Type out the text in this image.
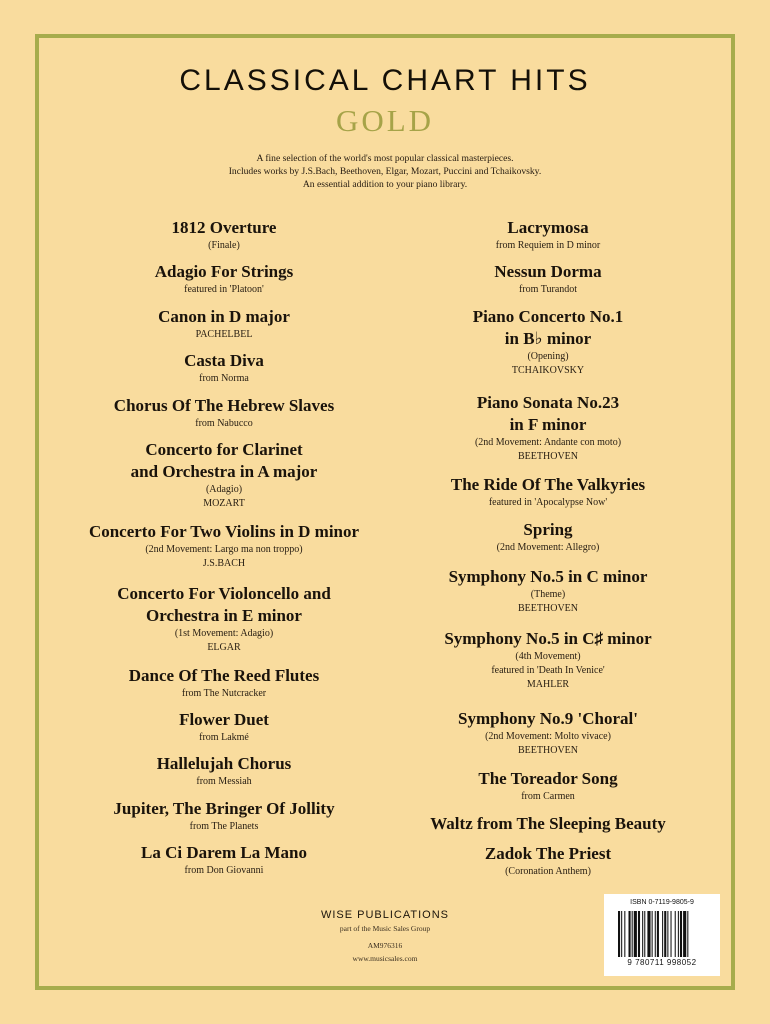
CLASSICAL CHART HITS
GOLD
A fine selection of the world's most popular classical masterpieces.
Includes works by J.S.Bach, Beethoven, Elgar, Mozart, Puccini and Tchaikovsky.
An essential addition to your piano library.
1812 Overture
(Finale)
Adagio For Strings
featured in 'Platoon'
Canon in D major
PACHELBEL
Casta Diva
from Norma
Chorus Of The Hebrew Slaves
from Nabucco
Concerto for Clarinet
and Orchestra in A major
(Adagio)
MOZART
Concerto For Two Violins in D minor
(2nd Movement: Largo ma non troppo)
J.S.BACH
Concerto For Violoncello and
Orchestra in E minor
(1st Movement: Adagio)
ELGAR
Dance Of The Reed Flutes
from The Nutcracker
Flower Duet
from Lakmé
Hallelujah Chorus
from Messiah
Jupiter, The Bringer Of Jollity
from The Planets
La Ci Darem La Mano
from Don Giovanni
Lacrymosa
from Requiem in D minor
Nessun Dorma
from Turandot
Piano Concerto No.1
in B♭ minor
(Opening)
TCHAIKOVSKY
Piano Sonata No.23
in F minor
(2nd Movement: Andante con moto)
BEETHOVEN
The Ride Of The Valkyries
featured in 'Apocalypse Now'
Spring
(2nd Movement: Allegro)
Symphony No.5 in C minor
(Theme)
BEETHOVEN
Symphony No.5 in C♯ minor
(4th Movement)
featured in 'Death In Venice'
MAHLER
Symphony No.9 'Choral'
(2nd Movement: Molto vivace)
BEETHOVEN
The Toreador Song
from Carmen
Waltz from The Sleeping Beauty
Zadok The Priest
(Coronation Anthem)
WISE PUBLICATIONS
part of the Music Sales Group
AM976316
www.musicsales.com
ISBN 0-7119-9805-9
9 780711 998052
